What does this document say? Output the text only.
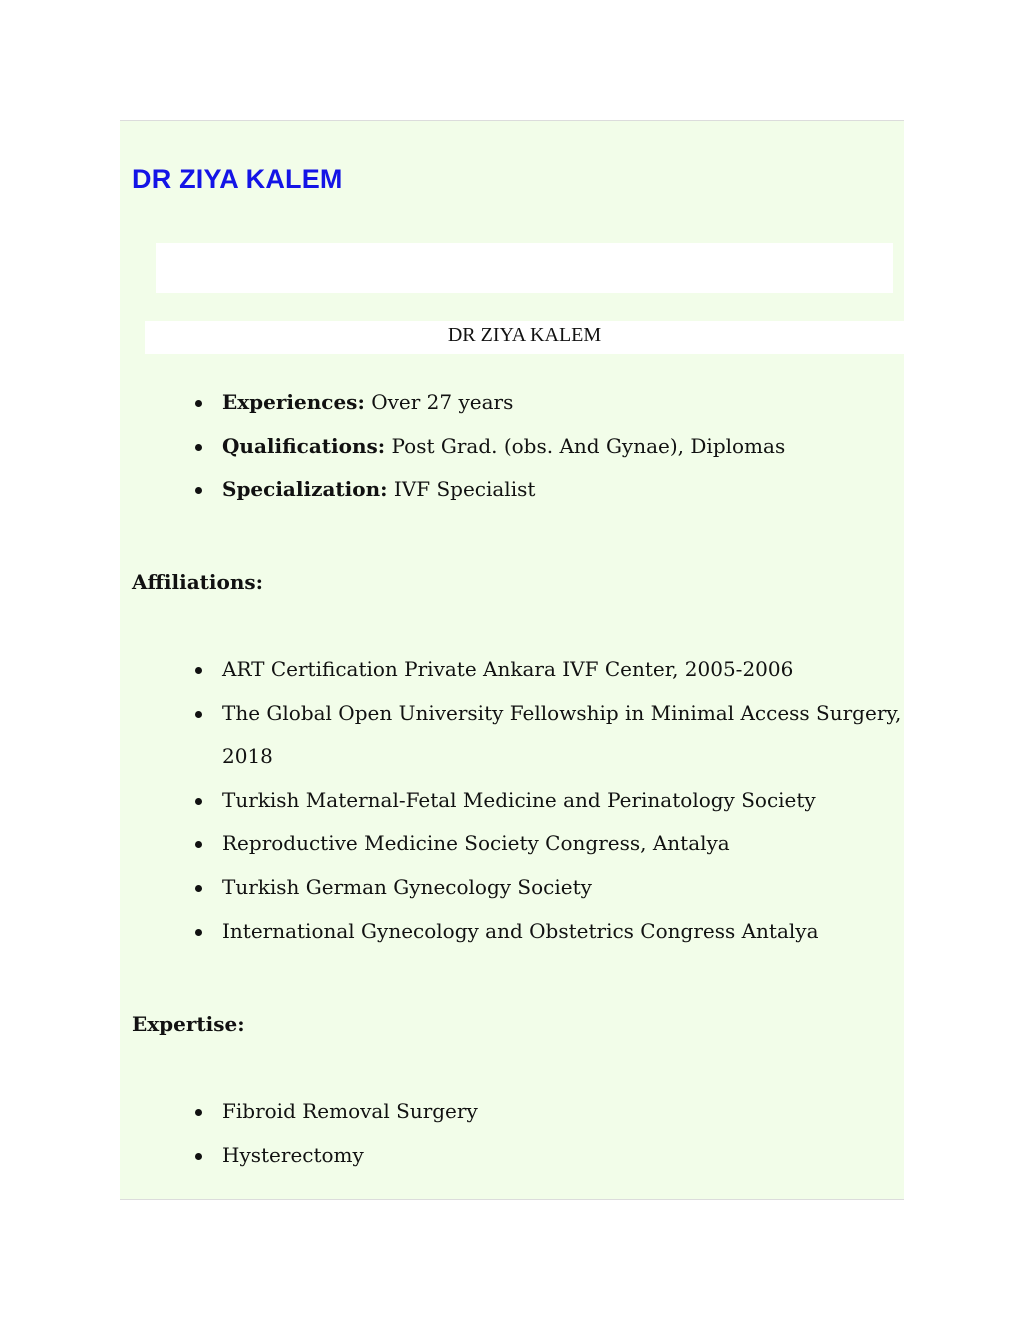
DR ZIYA KALEM
DR ZIYA KALEM
Experiences: Over 27 years
Qualifications: Post Grad. (obs. And Gynae), Diplomas
Specialization: IVF Specialist
Affiliations:
ART Certification Private Ankara IVF Center, 2005-2006
The Global Open University Fellowship in Minimal Access Surgery, 2018
Turkish Maternal-Fetal Medicine and Perinatology Society
Reproductive Medicine Society Congress, Antalya
Turkish German Gynecology Society
International Gynecology and Obstetrics Congress Antalya
Expertise:
Fibroid Removal Surgery
Hysterectomy
